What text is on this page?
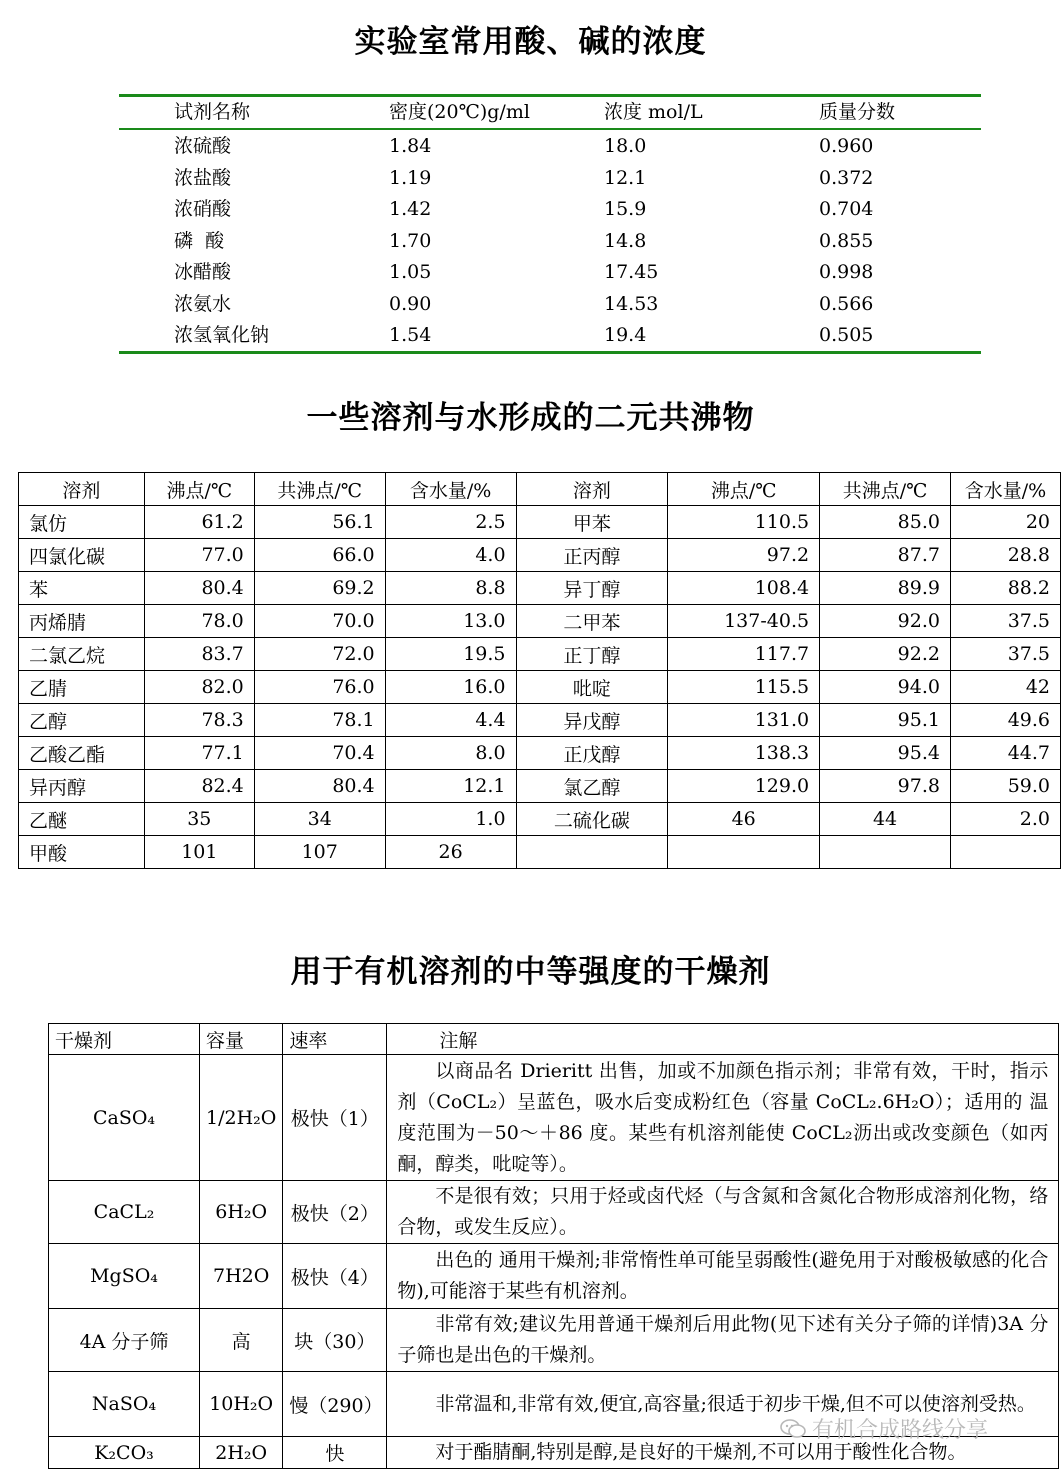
实验室常用酸、碱的浓度
试剂名称	密度(20℃)g/ml	浓度 mol/L	质量分数
浓硫酸	1.84	18.0	0.960
浓盐酸	1.19	12.1	0.372
浓硝酸	1.42	15.9	0.704
磷  酸	1.70	14.8	0.855
冰醋酸	1.05	17.45	0.998
浓氨水	0.90	14.53	0.566
浓氢氧化钠	1.54	19.4	0.505
一些溶剂与水形成的二元共沸物
溶剂	沸点/℃	共沸点/℃	含水量/%	溶剂	沸点/℃	共沸点/℃	含水量/%
氯仿	61.2	56.1	2.5	甲苯	110.5	85.0	20
四氯化碳	77.0	66.0	4.0	正丙醇	97.2	87.7	28.8
苯	80.4	69.2	8.8	异丁醇	108.4	89.9	88.2
丙烯腈	78.0	70.0	13.0	二甲苯	137-40.5	92.0	37.5
二氯乙烷	83.7	72.0	19.5	正丁醇	117.7	92.2	37.5
乙腈	82.0	76.0	16.0	吡啶	115.5	94.0	42
乙醇	78.3	78.1	4.4	异戊醇	131.0	95.1	49.6
乙酸乙酯	77.1	70.4	8.0	正戊醇	138.3	95.4	44.7
异丙醇	82.4	80.4	12.1	氯乙醇	129.0	97.8	59.0
乙醚	35	34	1.0	二硫化碳	46	44	2.0
甲酸	101	107	26				
用于有机溶剂的中等强度的干燥剂
干燥剂	容量	速率	注解
CaSO₄	1/2H₂O	极快（1）	以商品名 Drieritt 出售，加或不加颜色指示剂；非常有效，干时，指示剂（CoCL₂）呈蓝色，吸水后变成粉红色（容量 CoCL₂.6H₂O）；适用的 温度范围为－50～＋86 度。某些有机溶剂能使 CoCL₂沥出或改变颜色（如丙酮，醇类，吡啶等）。

CaCL₂	6H₂O	极快（2）	不是很有效；只用于烃或卤代烃（与含氮和含氮化合物形成溶剂化物，络合物，或发生反应）。

MgSO₄	7H2O	极快（4）	出色的 通用干燥剂;非常惰性单可能呈弱酸性(避免用于对酸极敏感的化合物),可能溶于某些有机溶剂。

4A 分子筛	高	块（30）	非常有效;建议先用普通干燥剂后用此物(见下述有关分子筛的详情)3A 分子筛也是出色的干燥剂。

NaSO₄	10H₂O	慢（290）	非常温和,非常有效,便宜,高容量;很适于初步干燥,但不可以使溶剂受热。

K₂CO₃	2H₂O	快	对于酯腈酮,特别是醇,是良好的干燥剂,不可以用于酸性化合物。
有机合成路线分享
